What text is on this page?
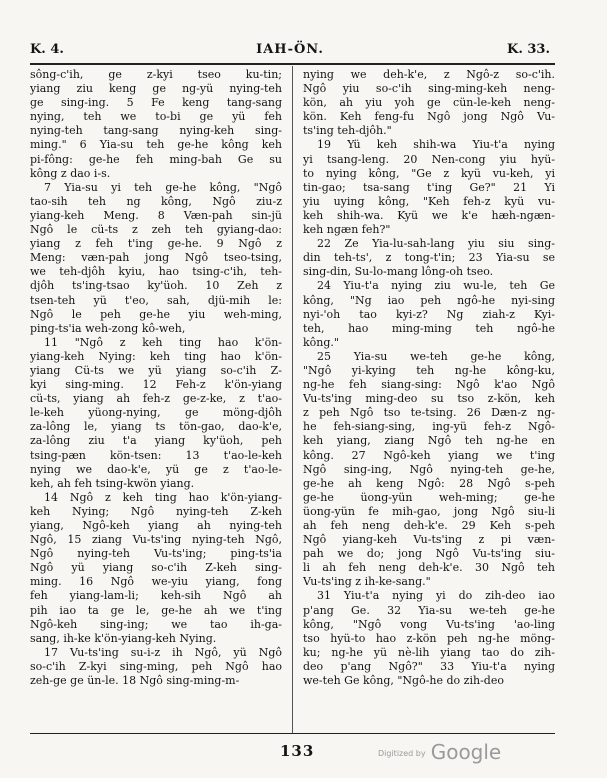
K. 4.	IAH-ÖN.	K. 33.
sông-c'ih, ge z-kyi tseo ku-tin;
yiang ziu keng ge ng-yü nying-teh
ge sing-ing. 5 Fe keng tang-sang
nying, teh we to-bi ge yü feh
nying-teh tang-sang nying-keh sing-
ming." 6 Yia-su teh ge-he kông keh
pi-fông: ge-he feh ming-bah Ge su
kông z dao i-s.
7 Yia-su yi teh ge-he kông, "Ngô
tao-sih teh ng kông, Ngô ziu-z
yiang-keh Meng. 8 Væn-pah sin-jü
Ngô le cü-ts z zeh teh gyiang-dao:
yiang z feh t'ing ge-he. 9 Ngô z
Meng: væn-pah jong Ngô tseo-tsing,
we teh-djôh kyiu, hao tsing-c'ih, teh-
djôh ts'ing-tsao ky'üoh. 10 Zeh z
tsen-teh yü t'eo, sah, djü-mih le:
Ngô le peh ge-he yiu weh-ming,
ping-ts'ia weh-zong kô-weh,
11 "Ngô z keh ting hao k'ön-
yiang-keh Nying: keh ting hao k'ön-
yiang Cü-ts we yü yiang so-c'ih Z-
kyi sing-ming. 12 Feh-z k'ön-yiang
cü-ts, yiang ah feh-z ge-z-ke, z t'ao-
le-keh yüong-nying, ge möng-djôh
za-lông le, yiang ts tön-gao, dao-k'e,
za-lông ziu t'a yiang ky'üoh, peh
tsing-pæn kön-tsen: 13 t'ao-le-keh
nying we dao-k'e, yü ge z t'ao-le-
keh, ah feh tsing-kwön yiang.
14 Ngô z keh ting hao k'ön-yiang-
keh Nying; Ngô nying-teh Z-keh
yiang, Ngô-keh yiang ah nying-teh
Ngô, 15 ziang Vu-ts'ing nying-teh Ngô,
Ngô nying-teh Vu-ts'ing; ping-ts'ia
Ngô yü yiang so-c'ih Z-keh sing-
ming. 16 Ngô we-yiu yiang, fong
feh yiang-lam-li; keh-sih Ngô ah
pih iao ta ge le, ge-he ah we t'ing
Ngô-keh sing-ing; we tao ih-ga-
sang, ih-ke k'ön-yiang-keh Nying.
17 Vu-ts'ing su-i-z ih Ngô, yü Ngô
so-c'ih Z-kyi sing-ming, peh Ngô hao
zeh-ge ge ün-le. 18 Ngô sing-ming-m-
nying we deh-k'e, z Ngô-z so-c'ih.
Ngô yiu so-c'ih sing-ming-keh neng-
kön, ah yiu yoh ge cün-le-keh neng-
kön. Keh feng-fu Ngô jong Ngô Vu-
ts'ing teh-djôh."
19 Yü keh shih-wa Yiu-t'a nying
yi tsang-leng. 20 Nen-cong yiu hyü-
to nying kông, "Ge z kyü vu-keh, yi
tin-gao; tsa-sang t'ing Ge?" 21 Yi
yiu uying kông, "Keh feh-z kyü vu-
keh shih-wa. Kyü we k'e hæh-ngæn-
keh ngæn feh?"
22 Ze Yia-lu-sah-lang yiu siu sing-
din teh-ts', z tong-t'in; 23 Yia-su se
sing-din, Su-lo-mang lông-oh tseo.
24 Yiu-t'a nying ziu wu-le, teh Ge
kông, "Ng iao peh ngô-he nyi-sing
nyi-'oh tao kyi-z? Ng ziah-z Kyi-
teh, hao ming-ming teh ngô-he
kông."
25 Yia-su we-teh ge-he kông,
"Ngô yi-kying teh ng-he kông-ku,
ng-he feh siang-sing: Ngô k'ao Ngô
Vu-ts'ing ming-deo su tso z-kön, keh
z peh Ngô tso te-tsing. 26 Dæn-z ng-
he feh-siang-sing, ing-yü feh-z Ngô-
keh yiang, ziang Ngô teh ng-he en
kông. 27 Ngô-keh yiang we t'ing
Ngô sing-ing, Ngô nying-teh ge-he,
ge-he ah keng Ngô: 28 Ngô s-peh
ge-he üong-yün weh-ming; ge-he
üong-yün fe mih-gao, jong Ngô siu-li
ah feh neng deh-k'e. 29 Keh s-peh
Ngô yiang-keh Vu-ts'ing z pi væn-
pah we do; jong Ngô Vu-ts'ing siu-
li ah feh neng deh-k'e. 30 Ngô teh
Vu-ts'ing z ih-ke-sang."
31 Yiu-t'a nying yi do zih-deo iao
p'ang Ge. 32 Yia-su we-teh ge-he
kông, "Ngô vong Vu-ts'ing 'ao-ling
tso hyü-to hao z-kön peh ng-he möng-
ku; ng-he yü nè-lih yiang tao do zih-
deo p'ang Ngô?" 33 Yiu-t'a nying
we-teh Ge kông, "Ngô-he do zih-deo
133	Digitized by Google
